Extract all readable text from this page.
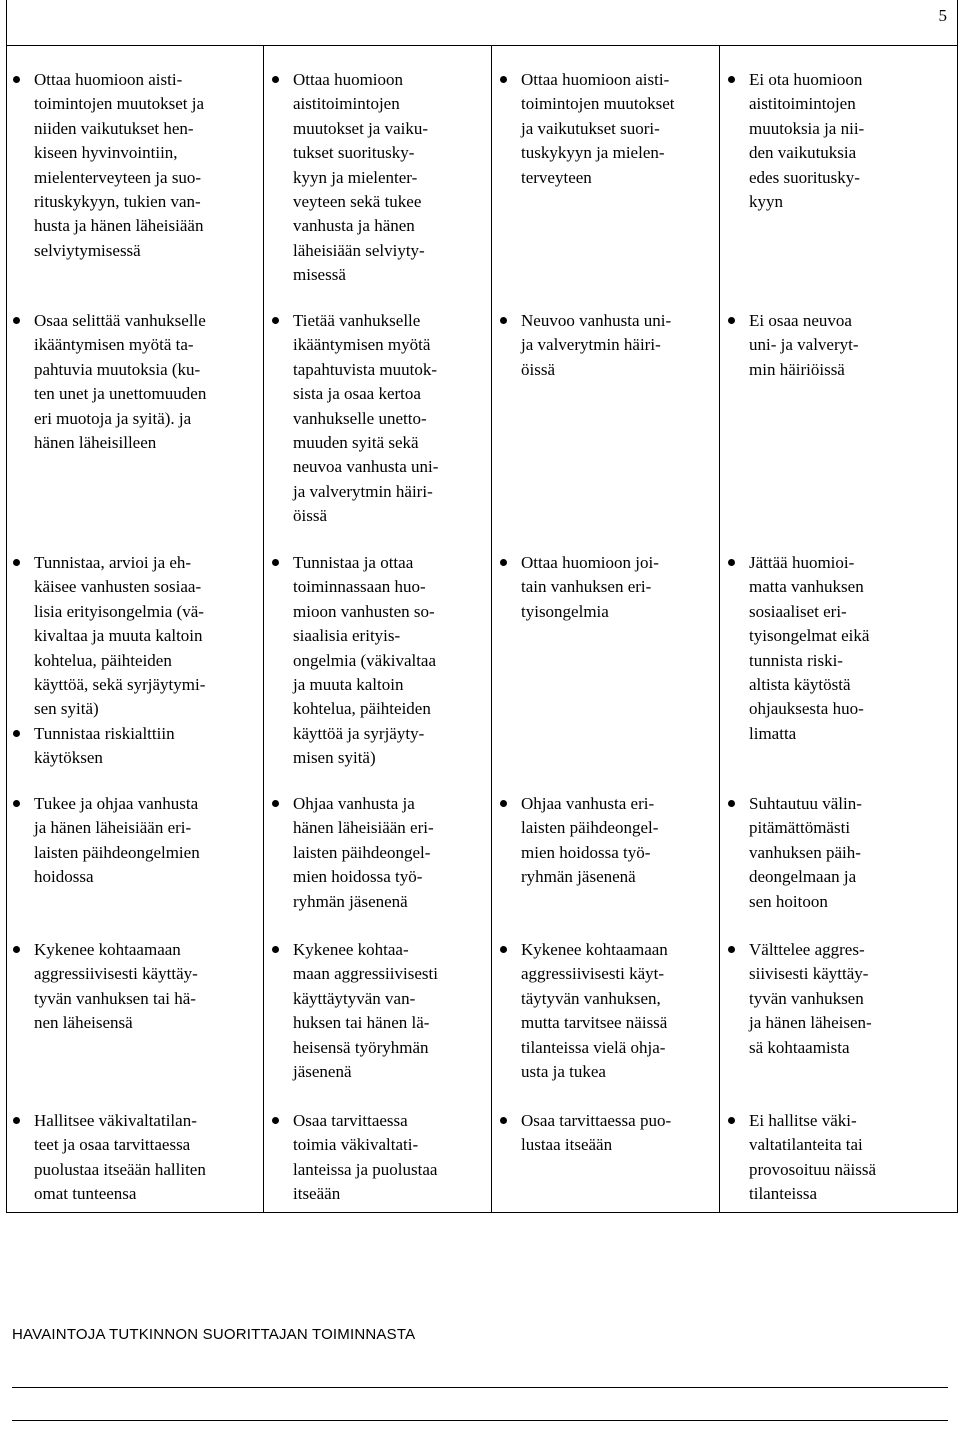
5
Ottaa huomioon aisti-
toimintojen muutokset ja
niiden vaikutukset hen-
kiseen hyvinvointiin,
mielenterveyteen ja suo-
rituskykyyn, tukien van-
husta ja hänen läheisiään
selviytymisessä
Ottaa huomioon
aistitoimintojen
muutokset ja vaiku-
tukset suoritusky-
kyyn ja mielenter-
veyteen sekä tukee
vanhusta ja hänen
läheisiään selviyty-
misessä
Ottaa huomioon aisti-
toimintojen muutokset
ja vaikutukset suori-
tuskykyyn ja mielen-
terveyteen
Ei ota huomioon
aistitoimintojen
muutoksia ja nii-
den vaikutuksia
edes suoritusky-
kyyn
Osaa selittää vanhukselle
ikääntymisen myötä ta-
pahtuvia muutoksia (ku-
ten unet ja unettomuuden
eri muotoja ja syitä). ja
hänen läheisilleen
Tietää vanhukselle
ikääntymisen myötä
tapahtuvista muutok-
sista ja osaa kertoa
vanhukselle unetto-
muuden syitä sekä
neuvoa vanhusta uni-
ja valverytmin häiri-
öissä
Neuvoo vanhusta uni-
ja valverytmin häiri-
öissä
Ei osaa neuvoa
uni- ja valveryt-
min häiriöissä
Tunnistaa, arvioi ja eh-
käisee vanhusten sosiaa-
lisia erityisongelmia (vä-
kivaltaa ja muuta kaltoin
kohtelua, päihteiden
käyttöä, sekä syrjäytymi-
sen syitä)
Tunnistaa riskialttiin
käytöksen
Tunnistaa ja ottaa
toiminnassaan huo-
mioon vanhusten so-
siaalisia erityis-
ongelmia (väkivaltaa
ja muuta kaltoin
kohtelua, päihteiden
käyttöä ja syrjäyty-
misen syitä)
Ottaa huomioon joi-
tain vanhuksen eri-
tyisongelmia
Jättää huomioi-
matta vanhuksen
sosiaaliset eri-
tyisongelmat eikä
tunnista riski-
altista käytöstä
ohjauksesta huo-
limatta
Tukee ja ohjaa vanhusta
ja hänen läheisiään eri-
laisten päihdeongelmien
hoidossa
Ohjaa vanhusta ja
hänen läheisiään eri-
laisten päihdeongel-
mien hoidossa työ-
ryhmän jäsenenä
Ohjaa vanhusta eri-
laisten päihdeongel-
mien hoidossa työ-
ryhmän jäsenenä
Suhtautuu välin-
pitämättömästi
vanhuksen päih-
deongelmaan ja
sen hoitoon
Kykenee kohtaamaan
aggressiivisesti käyttäy-
tyvän vanhuksen tai hä-
nen läheisensä
Kykenee kohtaa-
maan aggressiivisesti
käyttäytyvän van-
huksen tai hänen lä-
heisensä työryhmän
jäsenenä
Kykenee kohtaamaan
aggressiivisesti käyt-
täytyvän vanhuksen,
mutta tarvitsee näissä
tilanteissa vielä ohja-
usta ja tukea
Välttelee aggres-
siivisesti käyttäy-
tyvän vanhuksen
ja hänen läheisen-
sä kohtaamista
Hallitsee väkivaltatilan-
teet ja osaa tarvittaessa
puolustaa itseään halliten
omat tunteensa
Osaa tarvittaessa
toimia väkivaltati-
lanteissa ja puolustaa
itseään
Osaa tarvittaessa puo-
lustaa itseään
Ei hallitse väki-
valtatilanteita tai
provosoituu näissä
tilanteissa
HAVAINTOJA TUTKINNON SUORITTAJAN TOIMINNASTA
